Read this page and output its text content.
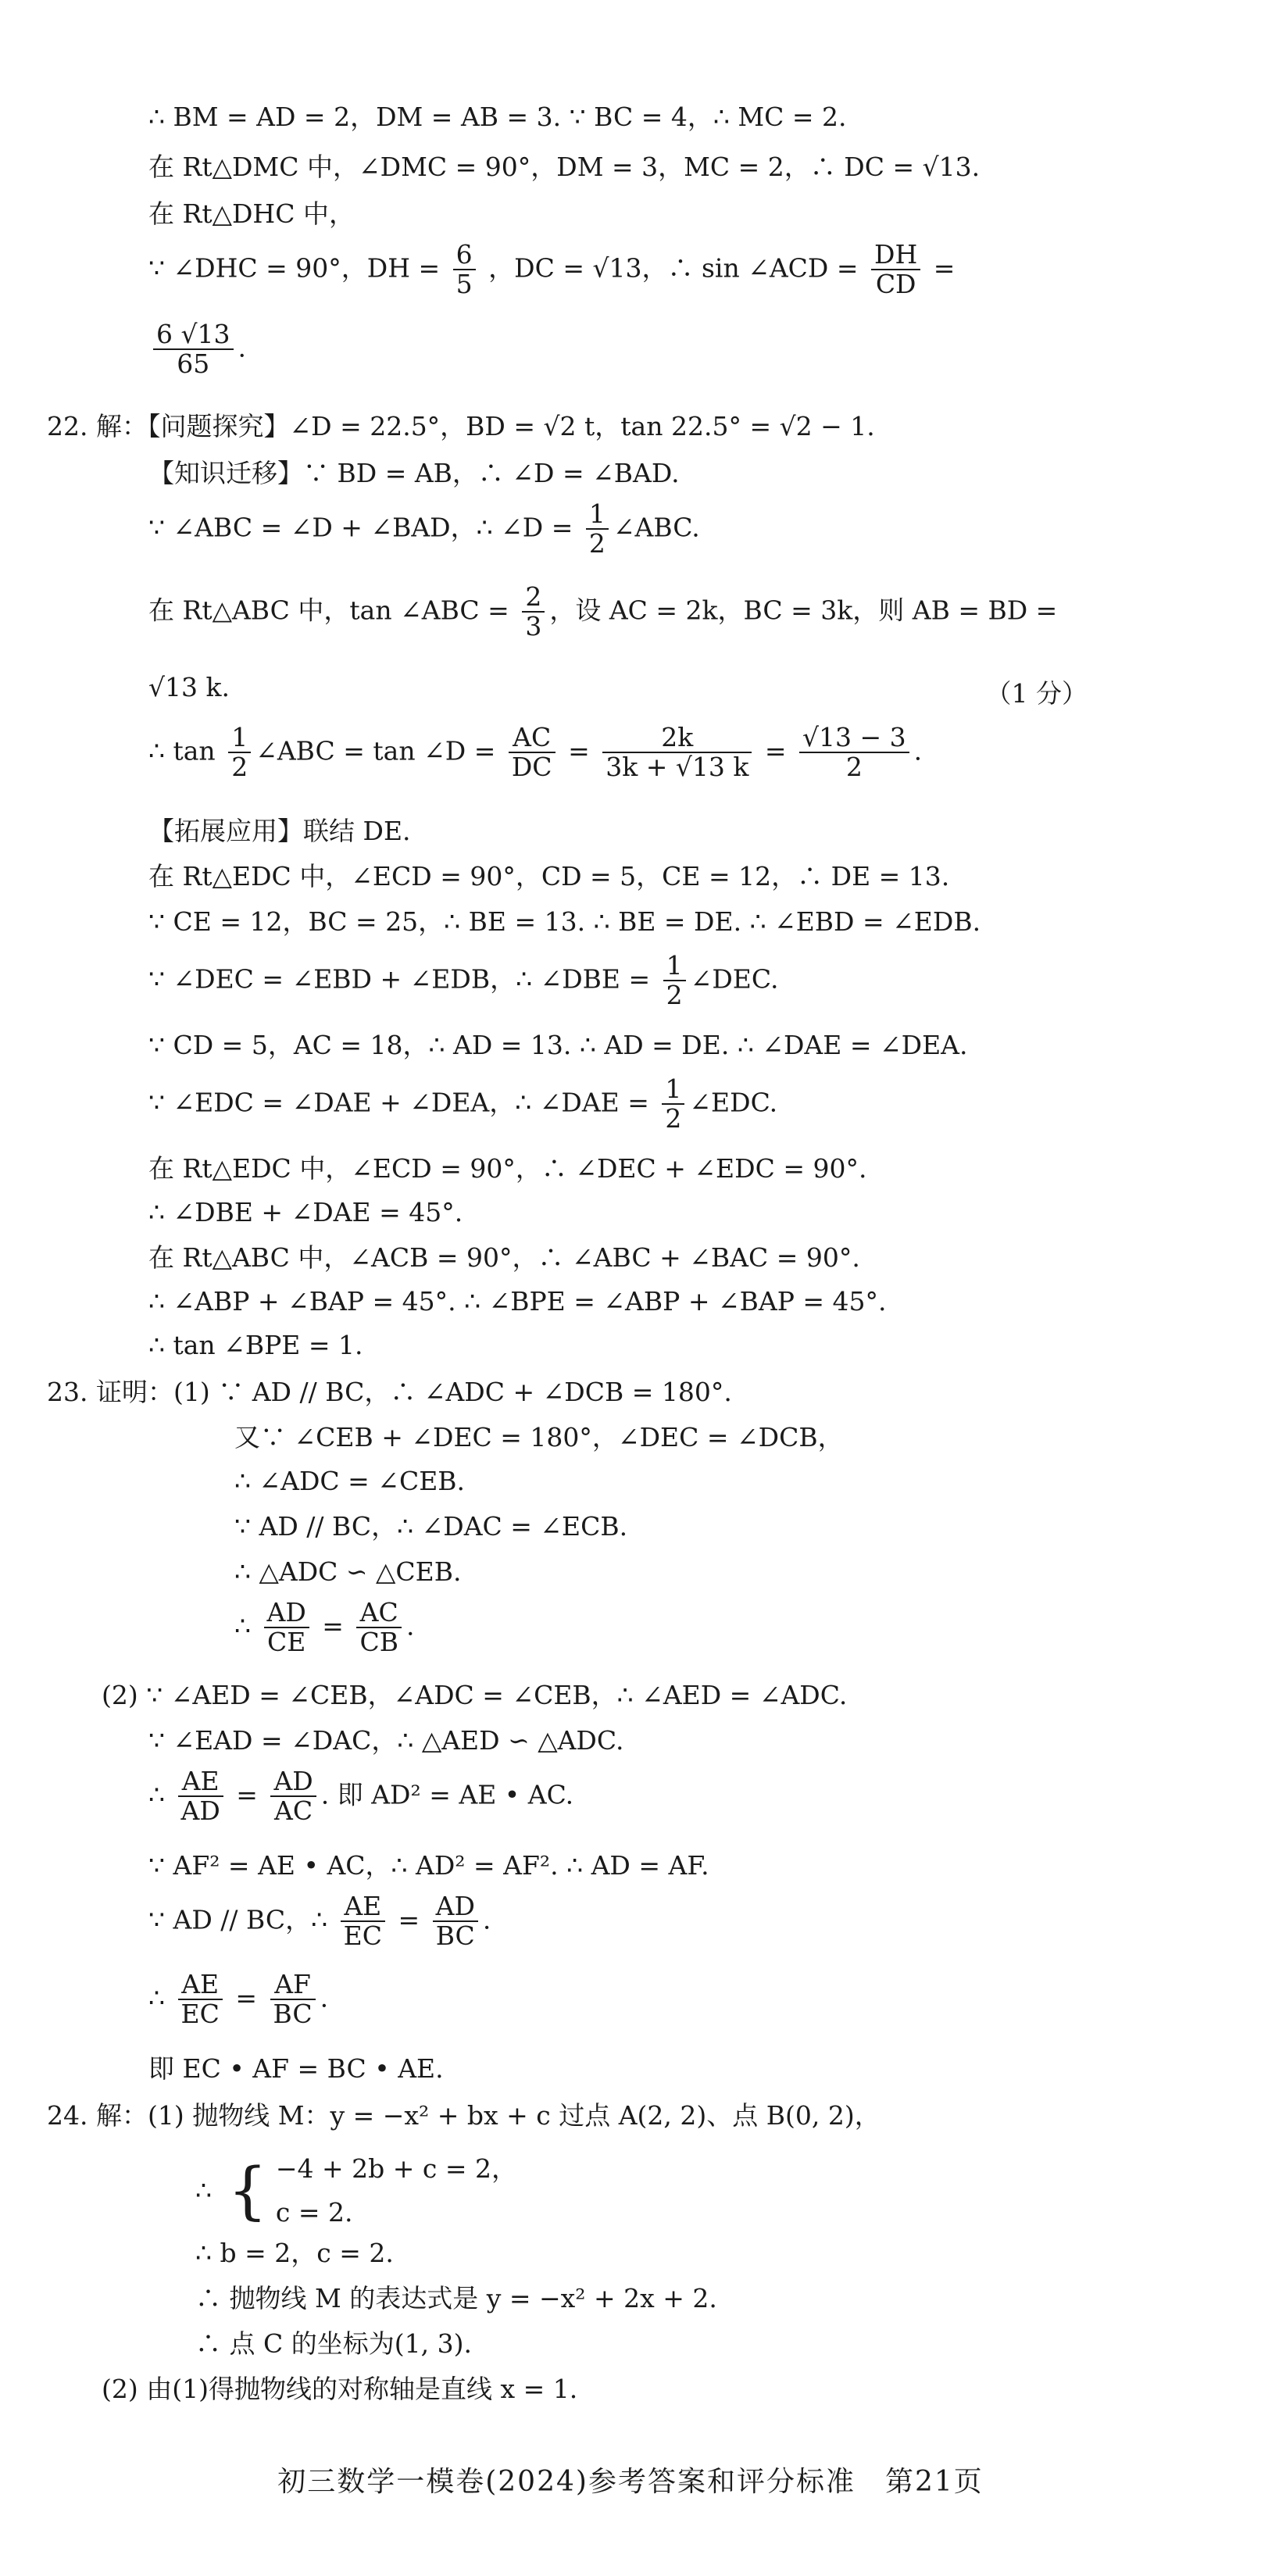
∴ BM = AD = 2，DM = AB = 3. ∵ BC = 4，∴ MC = 2.
在 Rt△DMC 中，∠DMC = 90°，DM = 3，MC = 2，∴ DC = √13.
在 Rt△DHC 中，
∵ ∠DHC = 90°，DH = $\frac{6}{5}$ ，DC = √13，∴ sin ∠ACD = $\frac{DH}{CD}$ =
$\frac{6 √13}{65}$ .
22. 解：【问题探究】∠D = 22.5°，BD = √2 t，tan 22.5° = √2 − 1.
【知识迁移】∵ BD = AB，∴ ∠D = ∠BAD.
∵ ∠ABC = ∠D + ∠BAD，∴ ∠D = $\frac{1}{2}$ ∠ABC.
在 Rt△ABC 中，tan ∠ABC = $\frac{2}{3}$ ，设 AC = 2k，BC = 3k，则 AB = BD =
√13 k.	（1 分）
∴ $\tan \frac{1}{2}$ ∠ABC = tan ∠D = $\frac{AC}{DC} = \frac{2k}{3k + √13 k} = \frac{√13 - 3}{2}$ .
【拓展应用】联结 DE.
在 Rt△EDC 中，∠ECD = 90°，CD = 5，CE = 12，∴ DE = 13.
∵ CE = 12，BC = 25，∴ BE = 13. ∴ BE = DE. ∴ ∠EBD = ∠EDB.
∵ ∠DEC = ∠EBD + ∠EDB，∴ ∠DBE = $\frac{1}{2}$ ∠DEC.
∵ CD = 5，AC = 18，∴ AD = 13. ∴ AD = DE. ∴ ∠DAE = ∠DEA.
∵ ∠EDC = ∠DAE + ∠DEA，∴ ∠DAE = $\frac{1}{2}$ ∠EDC.
在 Rt△EDC 中，∠ECD = 90°，∴ ∠DEC + ∠EDC = 90°.
∴ ∠DBE + ∠DAE = 45°.
在 Rt△ABC 中，∠ACB = 90°，∴ ∠ABC + ∠BAC = 90°.
∴ ∠ABP + ∠BAP = 45°. ∴ ∠BPE = ∠ABP + ∠BAP = 45°.
∴ tan ∠BPE = 1.
23. 证明：(1) ∵ AD // BC，∴ ∠ADC + ∠DCB = 180°.
又∵ ∠CEB + ∠DEC = 180°，∠DEC = ∠DCB，
∴ ∠ADC = ∠CEB.
∵ AD // BC，∴ ∠DAC = ∠ECB.
∴ △ADC ∽ △CEB.
∴ $\frac{AD}{CE} = \frac{AC}{CB}$ .
(2) ∵ ∠AED = ∠CEB，∠ADC = ∠CEB，∴ ∠AED = ∠ADC.
∵ ∠EAD = ∠DAC，∴ △AED ∽ △ADC.
∴ $\frac{AE}{AD} = \frac{AD}{AC}$ . 即 AD² = AE • AC.
∵ AF² = AE • AC，∴ AD² = AF². ∴ AD = AF.
∵ AD // BC，∴ $\frac{AE}{EC} = \frac{AD}{BC}$ .
∴ $\frac{AE}{EC} = \frac{AF}{BC}$ .
即 EC • AF = BC • AE.
24. 解：(1) 抛物线 M：y = −x² + bx + c 过点 A(2, 2)、点 B(0, 2)，
∴ { −4 + 2b + c = 2，
c = 2.
∴ b = 2，c = 2.
∴ 抛物线 M 的表达式是 y = −x² + 2x + 2.
∴ 点 C 的坐标为(1, 3).
(2) 由(1)得抛物线的对称轴是直线 x = 1.
初三数学一模卷(2024)参考答案和评分标准　第21页
